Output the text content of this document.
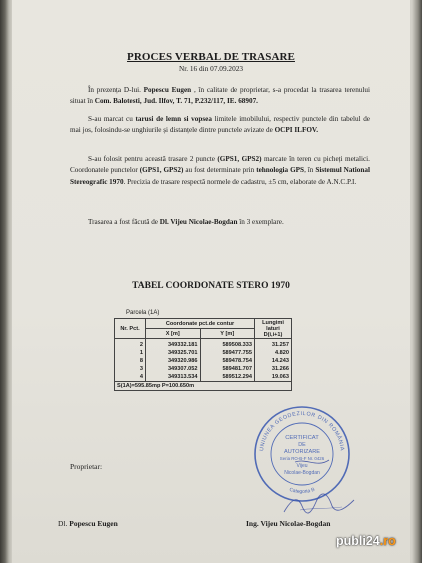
PROCES VERBAL DE TRASARE
Nr. 16 din 07.09.2023
În prezența D-lui. Popescu Eugen , în calitate de proprietar, s-a procedat la trasarea terenului situat în Com. Balotesti, Jud. Ilfov, T. 71, P.232/117, IE. 68907.
S-au marcat cu tarusi de lemn si vopsea limitele imobilului, respectiv punctele din tabelul de mai jos, folosindu-se unghiurile și distanțele dintre punctele avizate de OCPI ILFOV.
S-au folosit pentru această trasare 2 puncte (GPS1, GPS2) marcate în teren cu picheți metalici. Coordonatele punctelor (GPS1, GPS2) au fost determinate prin tehnologia GPS, în Sistemul National Stereografic 1970. Precizia de trasare respectă normele de cadastru, ±5 cm, elaborate de A.N.C.P.I.
Trasarea a fost făcută de Dl. Vijeu Nicolae-Bogdan în 3 exemplare.
TABEL COORDONATE STERO 1970
Parcela (1A)
Nr. Pct.	Coordonate pct.de contur		Lungimi laturi D(i,i+1)
	X [m]	Y [m]	
2	349332.181	589508.333	31.257
1	349325.701	589477.755	4.820
8	349320.986	589478.754	14.243
3	349307.052	589481.707	31.266
4	349313.534	589512.294	19.063
S(1A)=595.85mp P=100.650m			
Proprietar:
Dl. Popescu Eugen	Ing. Vijeu Nicolae-Bogdan
UNIUNEA GEODEZILOR DIN ROMÂNIA
Categoria B
CERTIFICAT
DE
AUTORIZARE
Seria RO-B-F Nr. 0426
Vijeu
Nicolae-Bogdan
publi24.ro
